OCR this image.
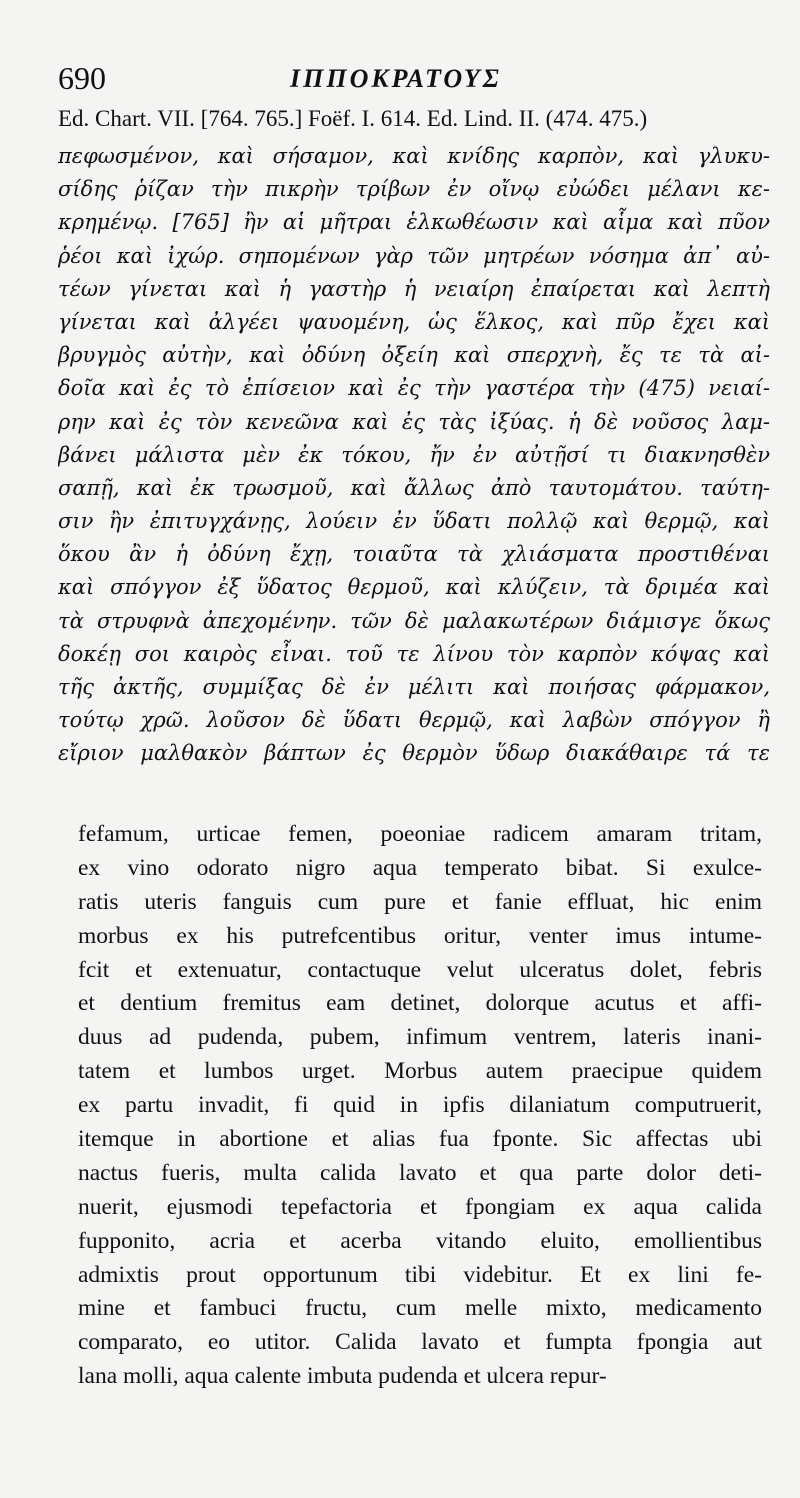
690	ΙΠΠΟΚΡΑΤΟΥΣ
Ed. Chart. VII. [764. 765.] Foëf. I. 614. Ed. Lind. II. (474. 475.)
πεφωσμένον, καὶ σήσαμον, καὶ κνίδης καρπὸν, καὶ γλυκυ-
σίδης ῥίζαν τὴν πικρὴν τρίβων ἐν οἴνῳ εὐώδει μέλανι κε-
κρημένῳ. [765] ἢν αἱ μῆτραι ἑλκωθέωσιν καὶ αἷμα καὶ πῦον
ῥέοι καὶ ἰχώρ. σηπομένων γὰρ τῶν μητρέων νόσημα ἀπ᾽ αὐ-
τέων γίνεται καὶ ἡ γαστὴρ ἡ νειαίρη ἐπαίρεται καὶ λεπτὴ
γίνεται καὶ ἀλγέει ψαυομένη, ὡς ἕλκος, καὶ πῦρ ἔχει καὶ
βρυγμὸς αὐτὴν, καὶ ὀδύνη ὀξείη καὶ σπερχνὴ, ἔς τε τὰ αἰ-
δοῖα καὶ ἐς τὸ ἐπίσειον καὶ ἐς τὴν γαστέρα τὴν (475) νειαί-
ρην καὶ ἐς τὸν κενεῶνα καὶ ἐς τὰς ἰξύας. ἡ δὲ νοῦσος λαμ-
βάνει μάλιστα μὲν ἐκ τόκου, ἤν ἐν αὐτῇσί τι διακνησθὲν
σαπῇ, καὶ ἐκ τρωσμοῦ, καὶ ἄλλως ἀπὸ ταυτομάτου. ταύτη-
σιν ἢν ἐπιτυγχάνῃς, λούειν ἐν ὕδατι πολλῷ καὶ θερμῷ, καὶ
ὅκου ἂν ἡ ὀδύνη ἔχῃ, τοιαῦτα τὰ χλιάσματα προστιθέναι
καὶ σπόγγον ἐξ ὕδατος θερμοῦ, καὶ κλύζειν, τὰ δριμέα καὶ
τὰ στρυφνὰ ἀπεχομένην. τῶν δὲ μαλακωτέρων διάμισγε ὅκως
δοκέῃ σοι καιρὸς εἶναι. τοῦ τε λίνου τὸν καρπὸν κόψας καὶ
τῆς ἀκτῆς, συμμίξας δὲ ἐν μέλιτι καὶ ποιήσας φάρμακον,
τούτῳ χρῶ. λοῦσον δὲ ὕδατι θερμῷ, καὶ λαβὼν σπόγγον ἢ
εἴριον μαλθακὸν βάπτων ἐς θερμὸν ὕδωρ διακάθαιρε τά τε
fefamum, urticae femen, poeoniae radicem amaram tritam,
ex vino odorato nigro aqua temperato bibat. Si exulce-
ratis uteris fanguis cum pure et fanie effluat, hic enim
morbus ex his putrefcentibus oritur, venter imus intume-
fcit et extenuatur, contactuque velut ulceratus dolet, febris
et dentium fremitus eam detinet, dolorque acutus et affi-
duus ad pudenda, pubem, infimum ventrem, lateris inani-
tatem et lumbos urget. Morbus autem praecipue quidem
ex partu invadit, fi quid in ipfis dilaniatum computruerit,
itemque in abortione et alias fua fponte. Sic affectas ubi
nactus fueris, multa calida lavato et qua parte dolor deti-
nuerit, ejusmodi tepefactoria et fpongiam ex aqua calida
fupponito, acria et acerba vitando eluito, emollientibus
admixtis prout opportunum tibi videbitur. Et ex lini fe-
mine et fambuci fructu, cum melle mixto, medicamento
comparato, eo utitor. Calida lavato et fumpta fpongia aut
lana molli, aqua calente imbuta pudenda et ulcera repur-
